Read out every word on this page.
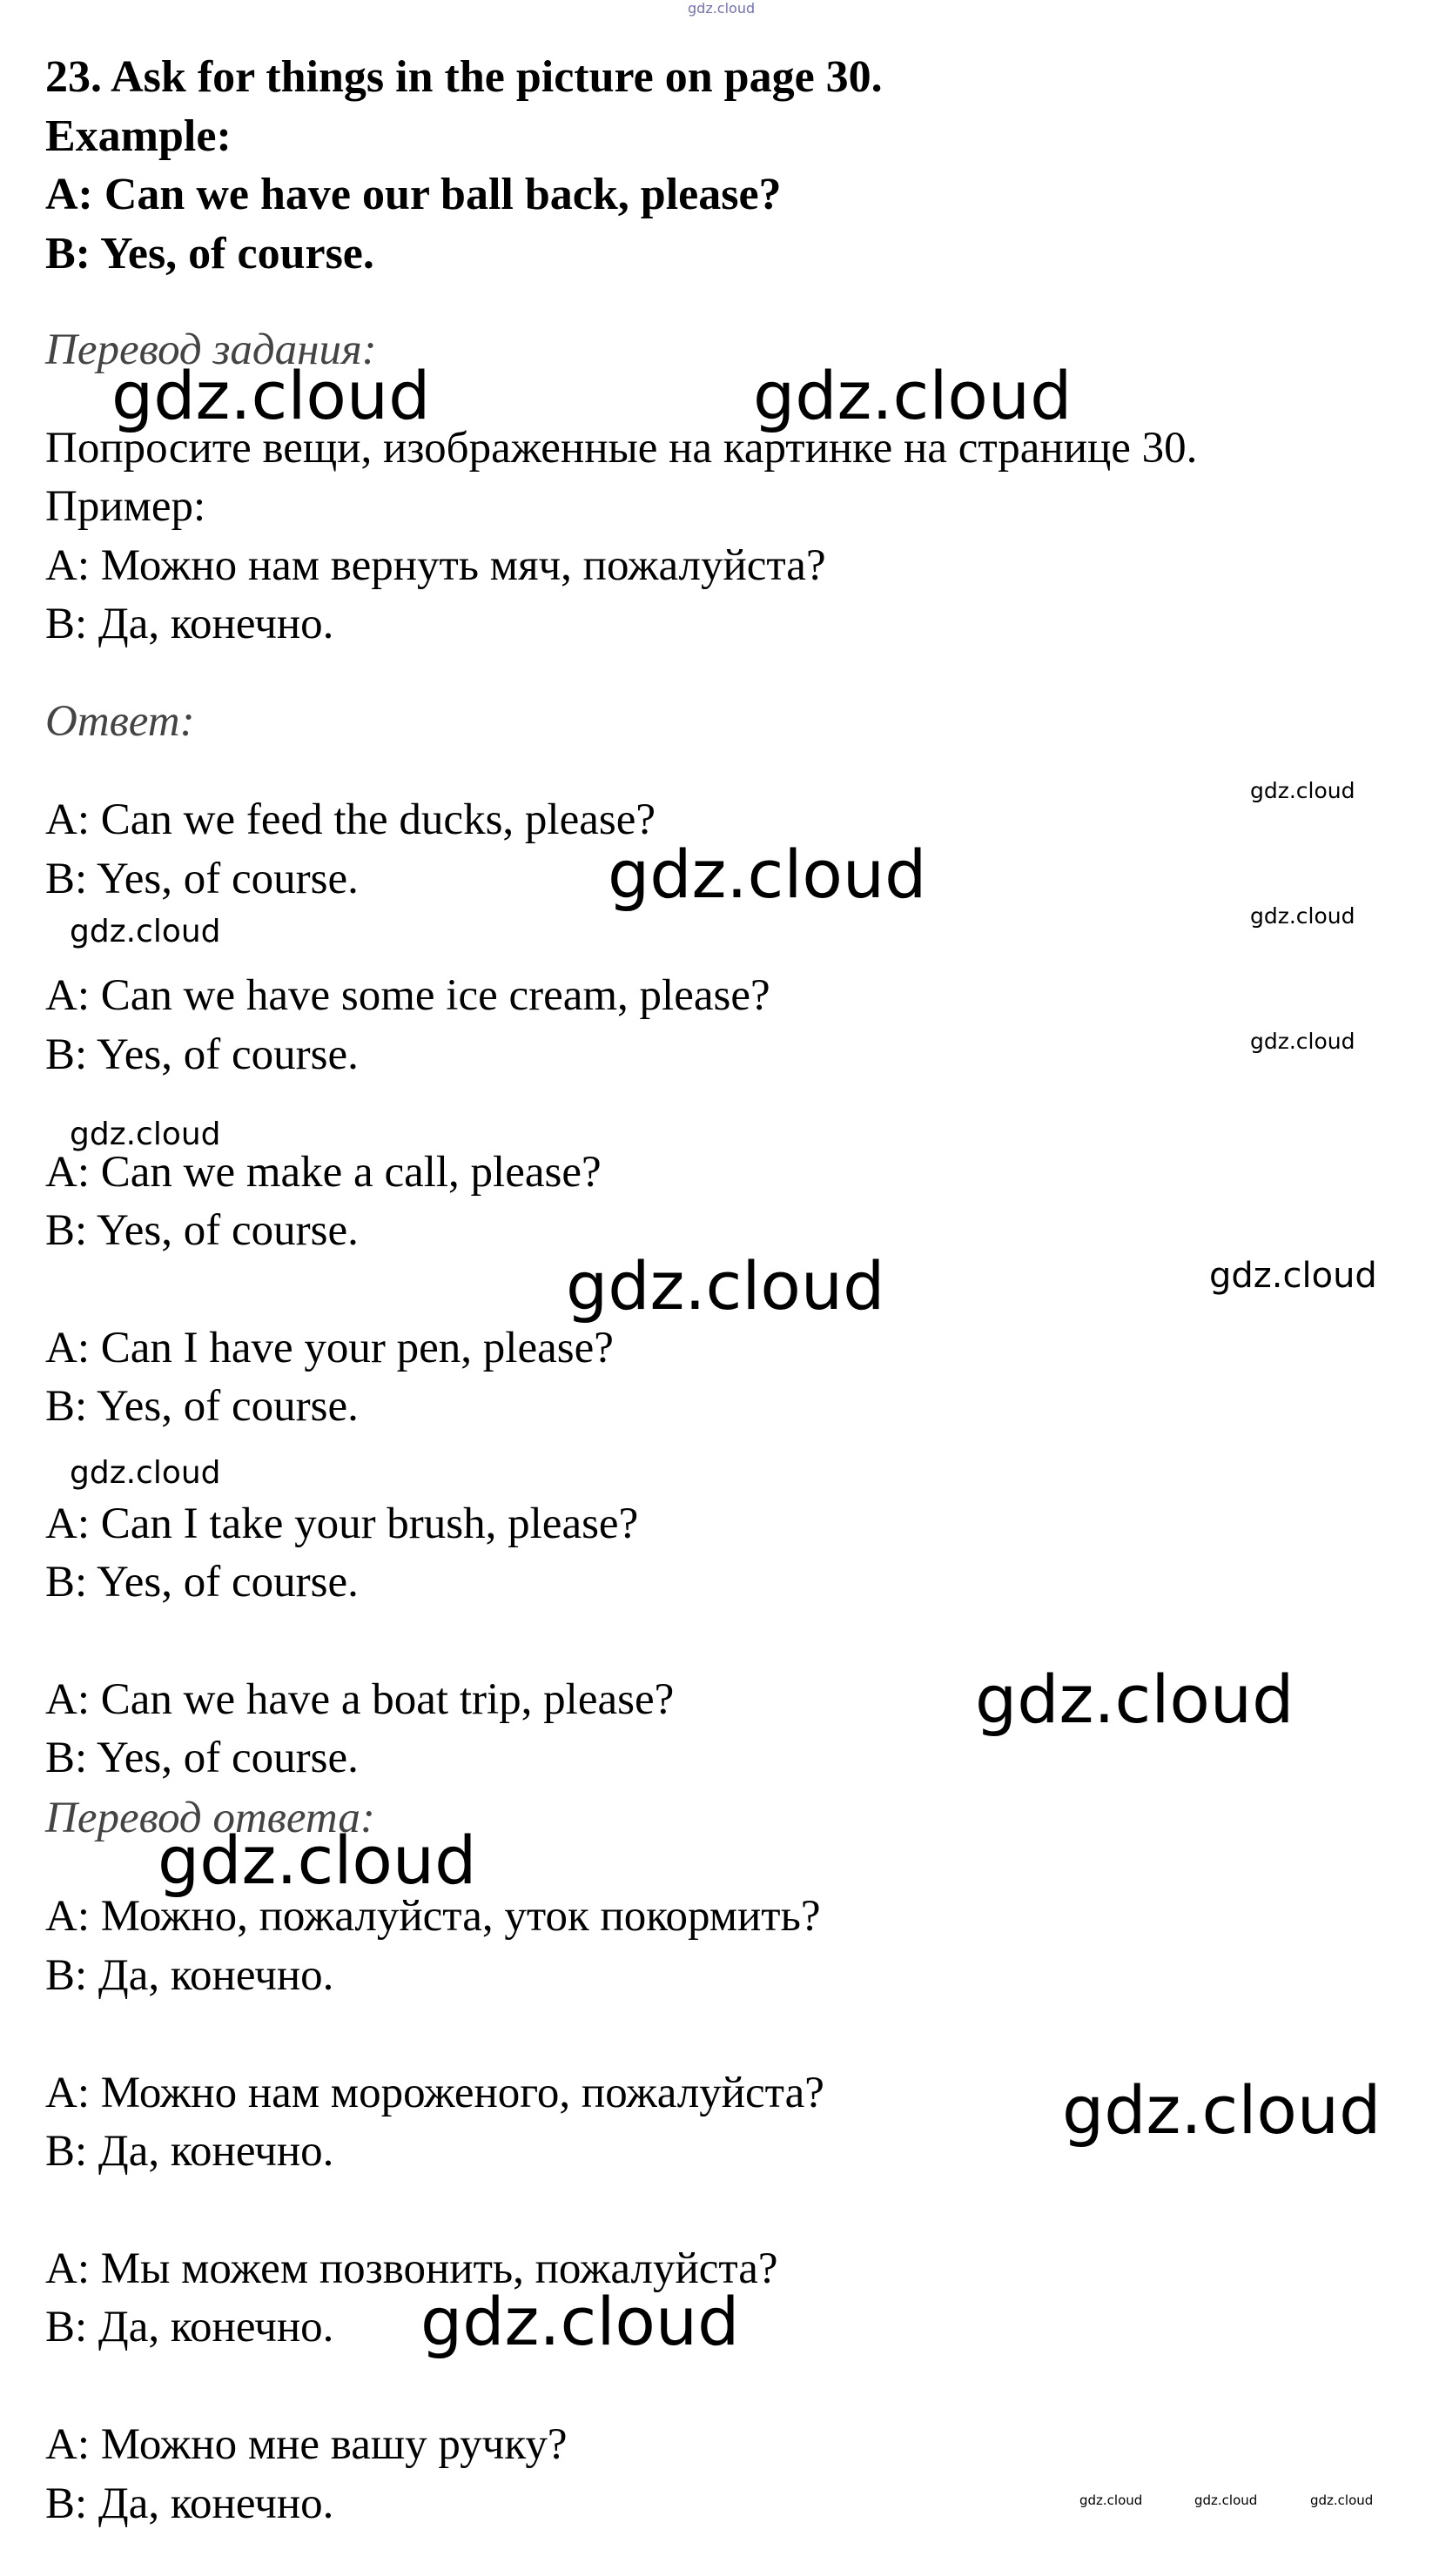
gdz.cloud
23. Ask for things in the picture on page 30.
Example:
A: Can we have our ball back, please?
B: Yes, of course.
Перевод задания:
Попросите вещи, изображенные на картинке на странице 30.
Пример:
А: Можно нам вернуть мяч, пожалуйста?
В: Да, конечно.
Ответ:
A: Can we feed the ducks, please?
B: Yes, of course.
A: Can we have some ice cream, please?
B: Yes, of course.
A: Can we make a call, please?
B: Yes, of course.
A: Can I have your pen, please?
B: Yes, of course.
A: Can I take your brush, please?
B: Yes, of course.
A: Can we have a boat trip, please?
B: Yes, of course.
Перевод ответа:
А: Можно, пожалуйста, уток покормить?
В: Да, конечно.
А: Можно нам мороженого, пожалуйста?
В: Да, конечно.
А: Мы можем позвонить, пожалуйста?
В: Да, конечно.
А: Можно мне вашу ручку?
В: Да, конечно.
gdz.cloud	gdz.cloud
gdz.cloud
gdz.cloud
gdz.cloud	gdz.cloud
gdz.cloud
gdz.cloud
gdz.cloud
gdz.cloud
gdz.cloud
gdz.cloud
gdz.cloud
gdz.cloud
gdz.cloud
gdz.cloud	gdz.cloud	gdz.cloud
